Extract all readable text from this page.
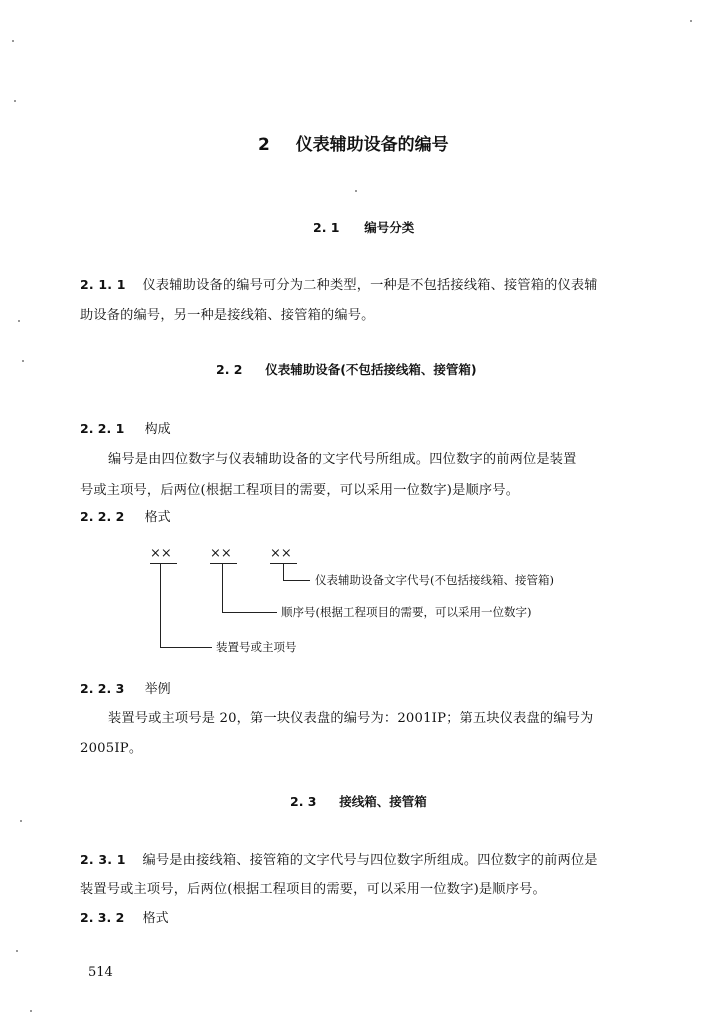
2 仪表辅助设备的编号
2. 1 编号分类
2. 1. 1 仪表辅助设备的编号可分为二种类型，一种是不包括接线箱、接管箱的仪表辅
助设备的编号，另一种是接线箱、接管箱的编号。
2. 2 仪表辅助设备(不包括接线箱、接管箱)
2. 2. 1 构成
编号是由四位数字与仪表辅助设备的文字代号所组成。四位数字的前两位是装置
号或主项号，后两位(根据工程项目的需要，可以采用一位数字)是顺序号。
2. 2. 2 格式
××	××	××
仪表辅助设备文字代号(不包括接线箱、接管箱)
顺序号(根据工程项目的需要，可以采用一位数字)
装置号或主项号
2. 2. 3 举例
装置号或主项号是 20，第一块仪表盘的编号为：2001IP；第五块仪表盘的编号为
2005IP。
2. 3 接线箱、接管箱
2. 3. 1 编号是由接线箱、接管箱的文字代号与四位数字所组成。四位数字的前两位是
装置号或主项号，后两位(根据工程项目的需要，可以采用一位数字)是顺序号。
2. 3. 2 格式
514
